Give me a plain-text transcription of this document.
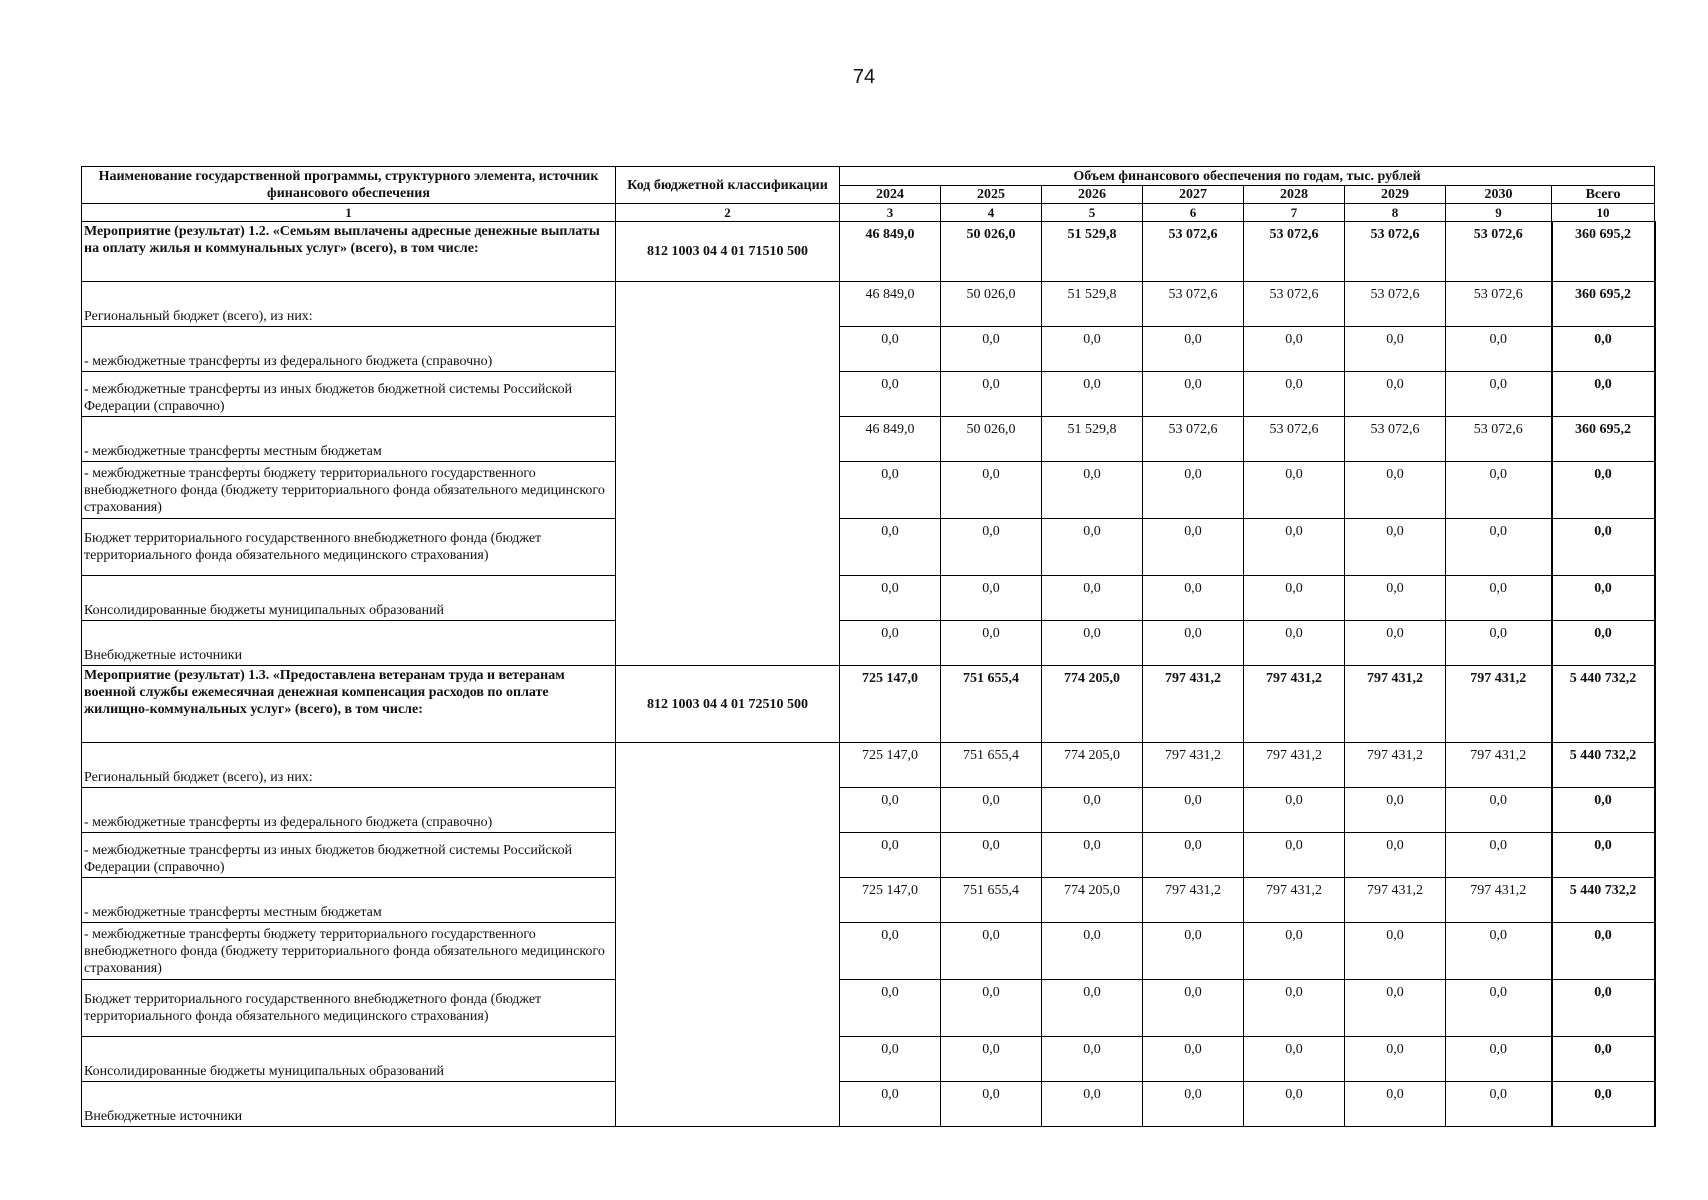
74
Наименование государственной программы, структурного элемента, источник финансового обеспечения	Код бюджетной классификации	Объем финансового обеспечения по годам, тыс. рублей							
		2024	2025	2026	2027	2028	2029	2030	Всего
1	2	3	4	5	6	7	8	9	10
Мероприятие (результат) 1.2. «Семьям выплачены адресные денежные выплаты на оплату жилья и коммунальных услуг» (всего), в том числе:	812 1003 04 4 01 71510 500	46 849,0	50 026,0	51 529,8	53 072,6	53 072,6	53 072,6	53 072,6	360 695,2
Региональный бюджет (всего), из них:		46 849,0	50 026,0	51 529,8	53 072,6	53 072,6	53 072,6	53 072,6	360 695,2
- межбюджетные трансферты из федерального бюджета (справочно)		0,0	0,0	0,0	0,0	0,0	0,0	0,0	0,0
- межбюджетные трансферты из иных бюджетов бюджетной системы Российской Федерации (справочно)		0,0	0,0	0,0	0,0	0,0	0,0	0,0	0,0
- межбюджетные трансферты местным бюджетам		46 849,0	50 026,0	51 529,8	53 072,6	53 072,6	53 072,6	53 072,6	360 695,2
- межбюджетные трансферты бюджету территориального государственного внебюджетного фонда (бюджету территориального фонда обязательного медицинского страхования)		0,0	0,0	0,0	0,0	0,0	0,0	0,0	0,0
Бюджет территориального государственного внебюджетного фонда (бюджет территориального фонда обязательного медицинского страхования)		0,0	0,0	0,0	0,0	0,0	0,0	0,0	0,0
Консолидированные бюджеты муниципальных образований		0,0	0,0	0,0	0,0	0,0	0,0	0,0	0,0
Внебюджетные источники		0,0	0,0	0,0	0,0	0,0	0,0	0,0	0,0
Мероприятие (результат) 1.3. «Предоставлена ветеранам труда и ветеранам военной службы ежемесячная денежная компенсация расходов по оплате жилищно-коммунальных услуг» (всего), в том числе:	812 1003 04 4 01 72510 500	725 147,0	751 655,4	774 205,0	797 431,2	797 431,2	797 431,2	797 431,2	5 440 732,2
Региональный бюджет (всего), из них:		725 147,0	751 655,4	774 205,0	797 431,2	797 431,2	797 431,2	797 431,2	5 440 732,2
- межбюджетные трансферты из федерального бюджета (справочно)		0,0	0,0	0,0	0,0	0,0	0,0	0,0	0,0
- межбюджетные трансферты из иных бюджетов бюджетной системы Российской Федерации (справочно)		0,0	0,0	0,0	0,0	0,0	0,0	0,0	0,0
- межбюджетные трансферты местным бюджетам		725 147,0	751 655,4	774 205,0	797 431,2	797 431,2	797 431,2	797 431,2	5 440 732,2
- межбюджетные трансферты бюджету территориального государственного внебюджетного фонда (бюджету территориального фонда обязательного медицинского страхования)		0,0	0,0	0,0	0,0	0,0	0,0	0,0	0,0
Бюджет территориального государственного внебюджетного фонда (бюджет территориального фонда обязательного медицинского страхования)		0,0	0,0	0,0	0,0	0,0	0,0	0,0	0,0
Консолидированные бюджеты муниципальных образований		0,0	0,0	0,0	0,0	0,0	0,0	0,0	0,0
Внебюджетные источники		0,0	0,0	0,0	0,0	0,0	0,0	0,0	0,0
